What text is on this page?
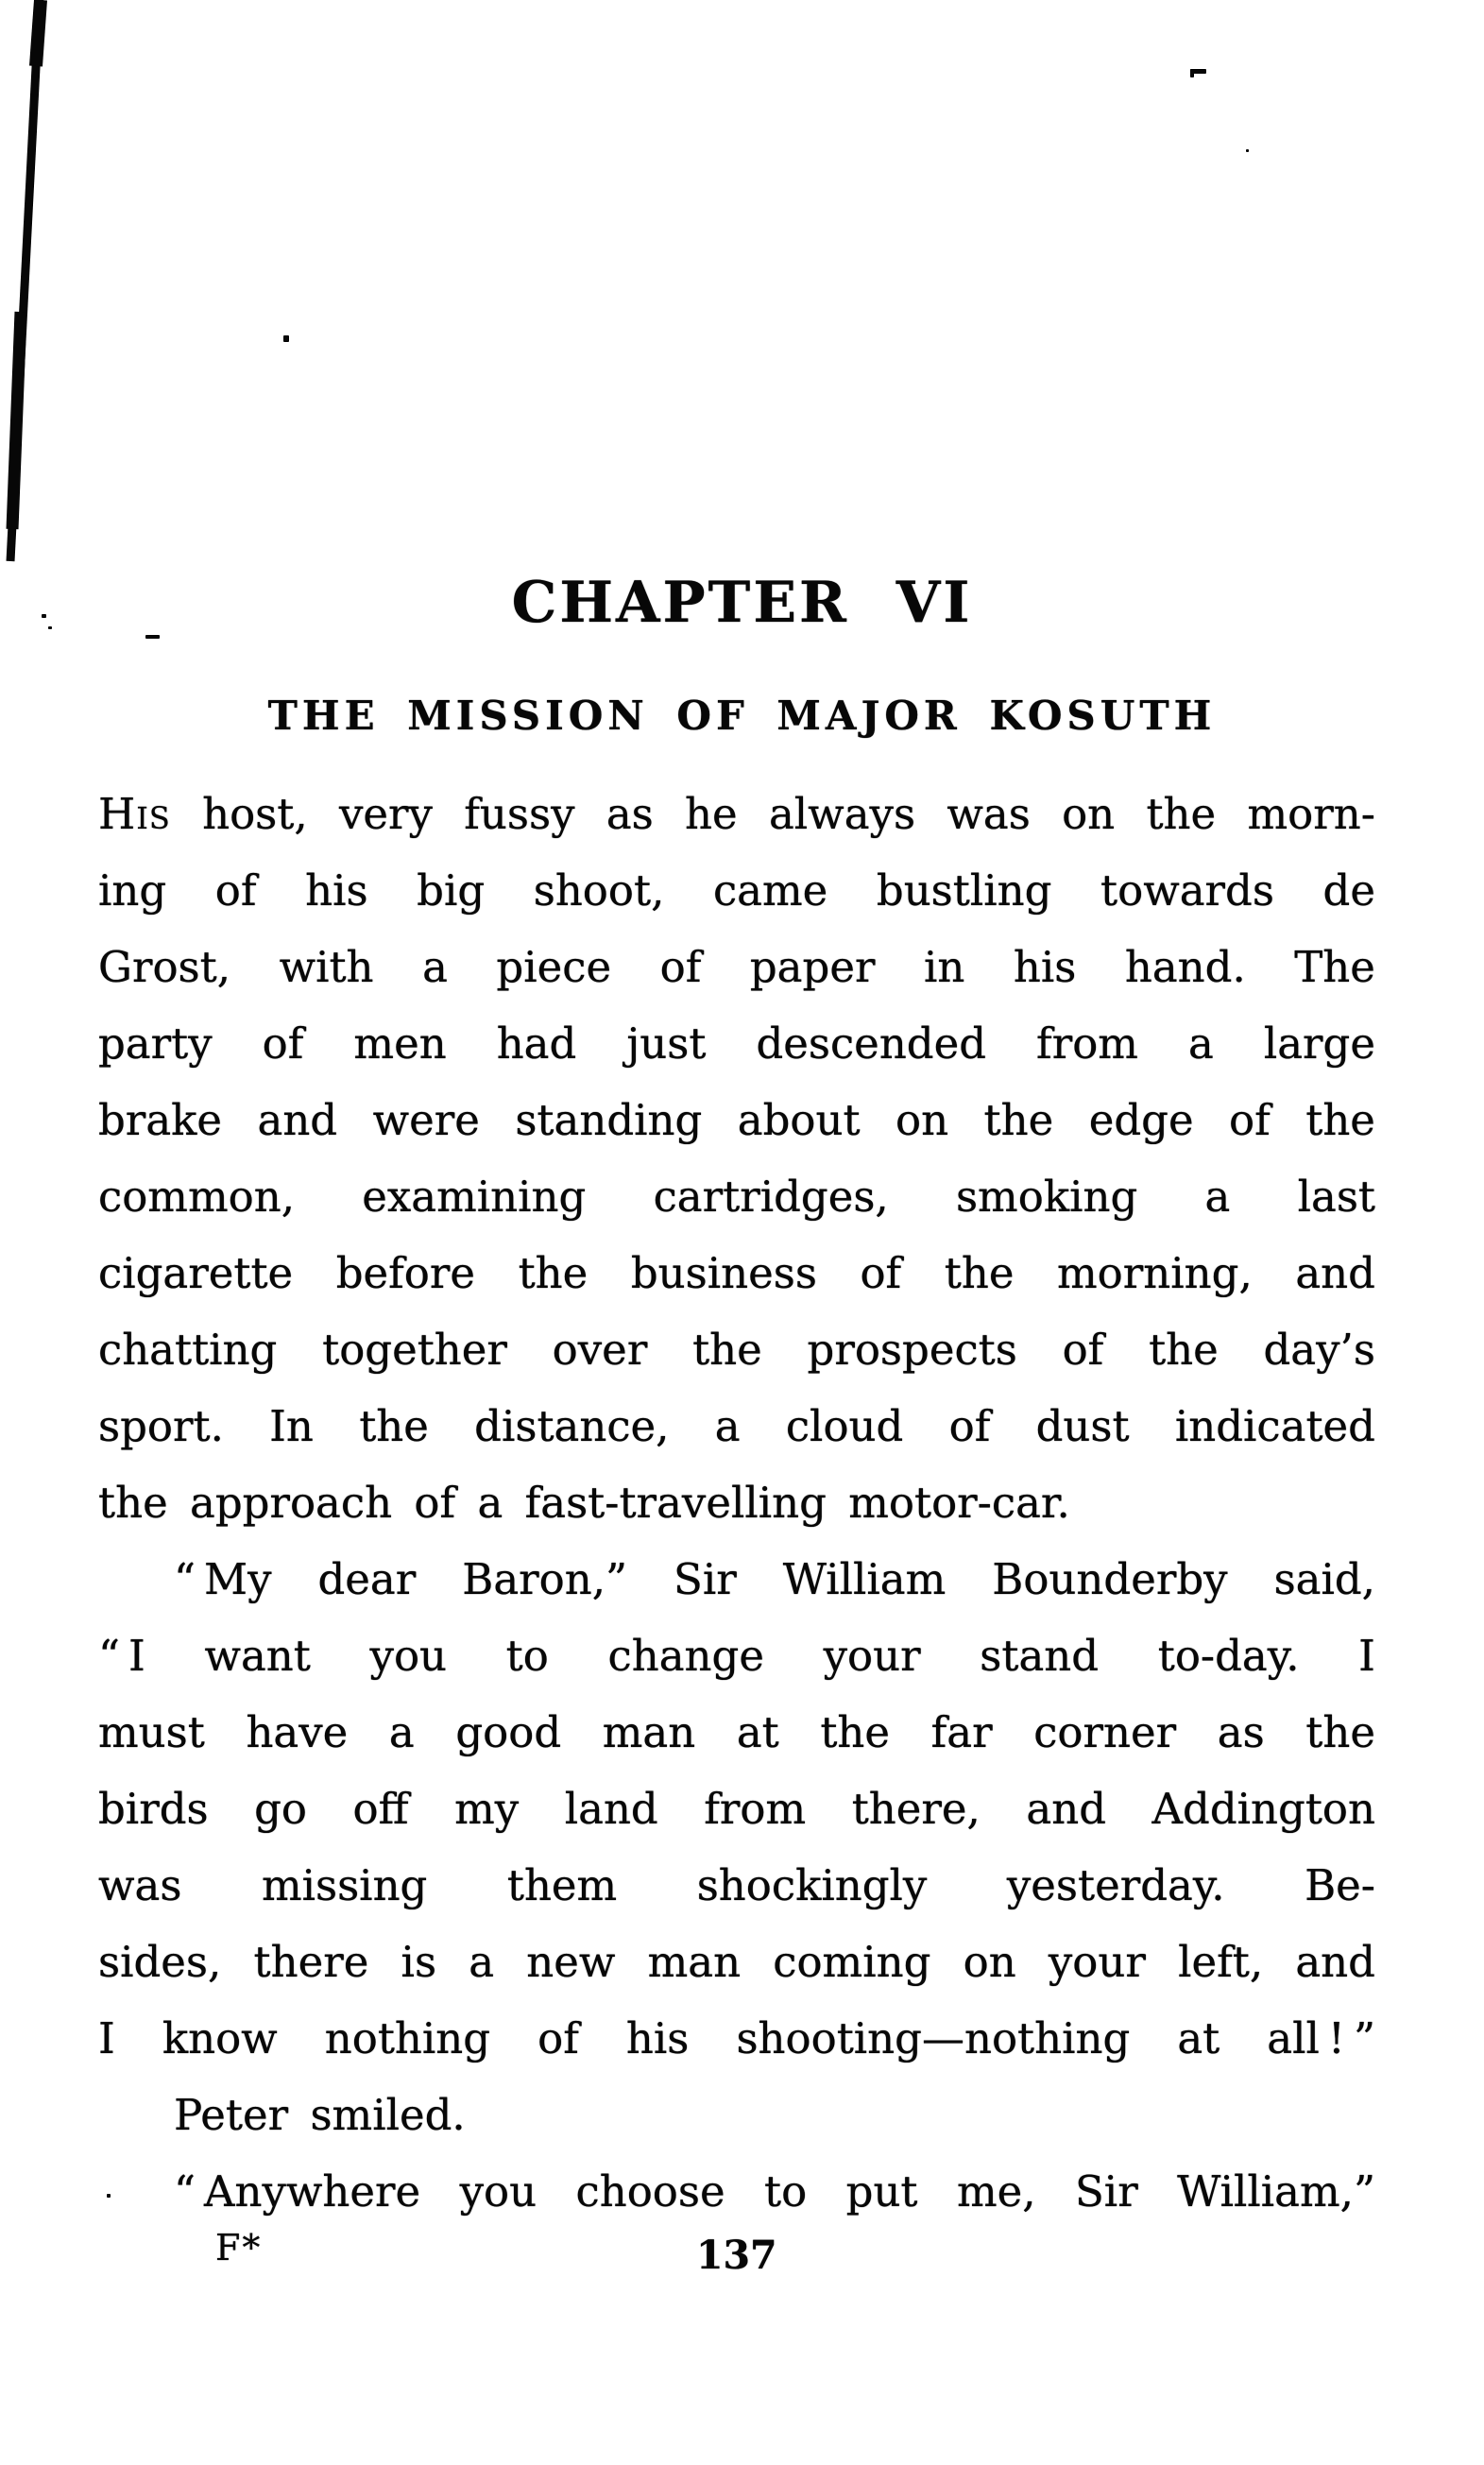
CHAPTER VI
THE MISSION OF MAJOR KOSUTH
His host, very fussy as he always was on the morn-
ing of his big shoot, came bustling towards de
Grost, with a piece of paper in his hand. The
party of men had just descended from a large
brake and were standing about on the edge of the
common, examining cartridges, smoking a last
cigarette before the business of the morning, and
chatting together over the prospects of the day’s
sport. In the distance, a cloud of dust indicated
the approach of a fast-travelling motor-car.
“ My dear Baron,” Sir William Bounderby said,
“ I want you to change your stand to-day. I
must have a good man at the far corner as the
birds go off my land from there, and Addington
was missing them shockingly yesterday. Be-
sides, there is a new man coming on your left, and
I know nothing of his shooting—nothing at all ! ”
Peter smiled.
“ Anywhere you choose to put me, Sir William,”
F*	137
